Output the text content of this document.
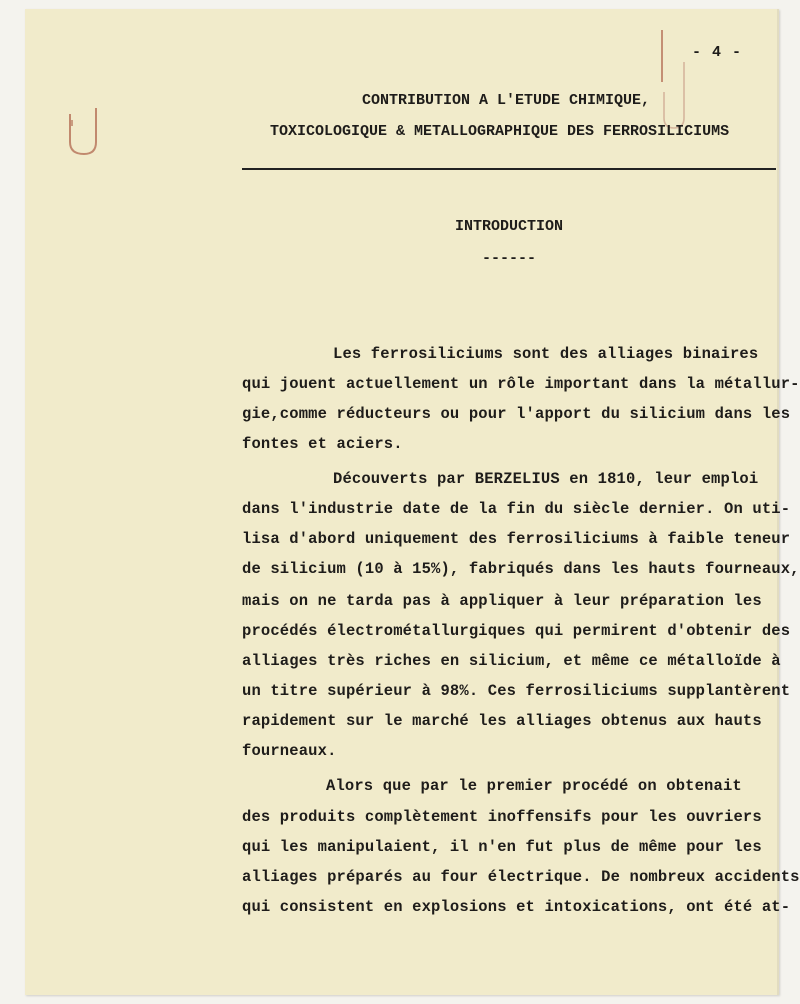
- 4 -
CONTRIBUTION A L'ETUDE CHIMIQUE,
TOXICOLOGIQUE & METALLOGRAPHIQUE DES FERROSILICIUMS
INTRODUCTION
------
Les ferrosiliciums sont des alliages binaires
qui jouent actuellement un rôle important dans la métallur-
gie,comme réducteurs ou pour l'apport du silicium dans les
fontes et aciers.
Découverts par BERZELIUS en 1810, leur emploi
dans l'industrie date de la fin du siècle dernier. On uti-
lisa d'abord uniquement des ferrosiliciums à faible teneur
de silicium (10 à 15%), fabriqués dans les hauts fourneaux,
mais on ne tarda pas à appliquer à leur préparation les
procédés électrométallurgiques qui permirent d'obtenir des
alliages très riches en silicium, et même ce métalloïde à
un titre supérieur à 98%. Ces ferrosiliciums supplantèrent
rapidement sur le marché les alliages obtenus aux hauts
fourneaux.
Alors que par le premier procédé on obtenait
des produits complètement inoffensifs pour les ouvriers
qui les manipulaient, il n'en fut plus de même pour les
alliages préparés au four électrique. De nombreux accidents
qui consistent en explosions et intoxications, ont été at-
